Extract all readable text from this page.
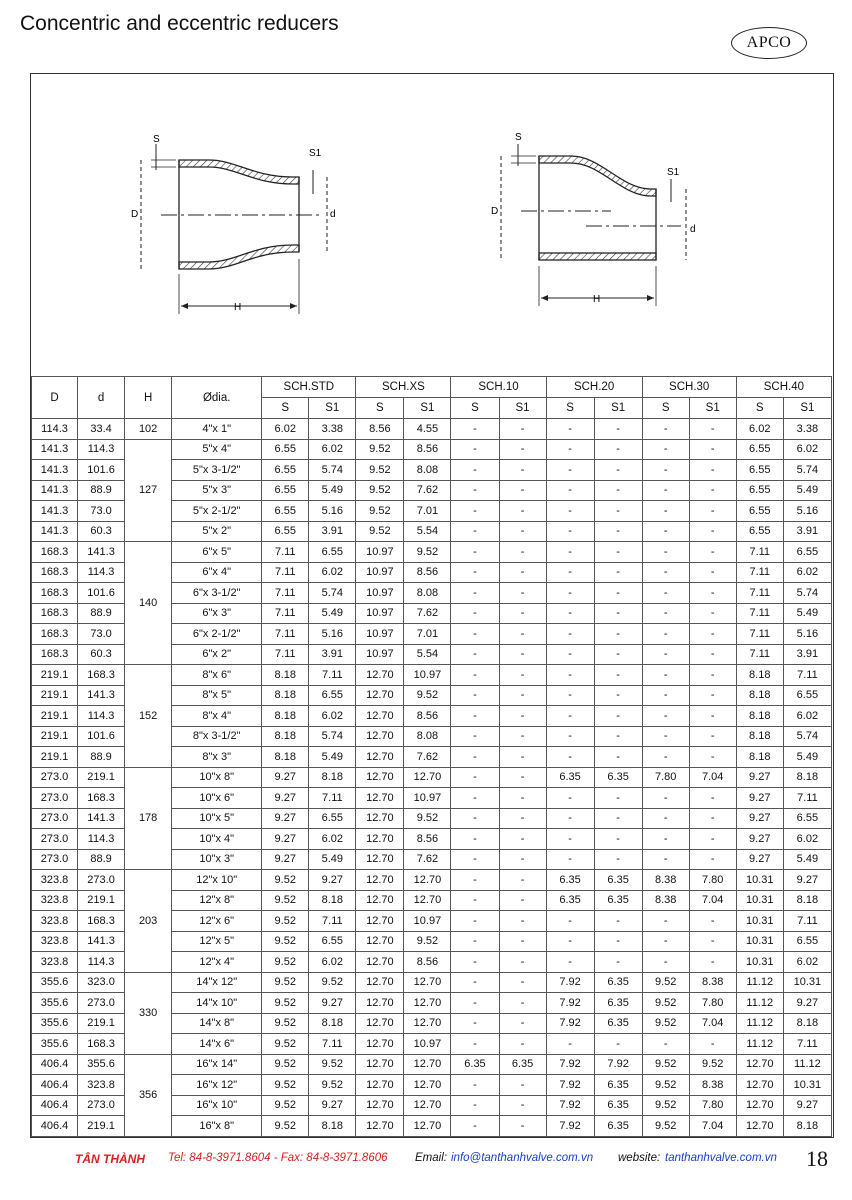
Concentric and eccentric reducers
APCO
S
S1
D	d
H
S
S1
D
d
H
D	d	H	Ødia.	SCH.STD		SCH.XS		SCH.10		SCH.20		SCH.30		SCH.40	
				S	S1	S	S1	S	S1	S	S1	S	S1	S	S1
114.3	33.4	102	4"x 1"	6.02	3.38	8.56	4.55	-	-	-	-	-	-	6.02	3.38
141.3	114.3	127	5"x 4"	6.55	6.02	9.52	8.56	-	-	-	-	-	-	6.55	6.02
141.3	101.6		5"x 3-1/2"	6.55	5.74	9.52	8.08	-	-	-	-	-	-	6.55	5.74
141.3	88.9		5"x 3"	6.55	5.49	9.52	7.62	-	-	-	-	-	-	6.55	5.49
141.3	73.0		5"x 2-1/2"	6.55	5.16	9.52	7.01	-	-	-	-	-	-	6.55	5.16
141.3	60.3		5"x 2"	6.55	3.91	9.52	5.54	-	-	-	-	-	-	6.55	3.91
168.3	141.3	140	6"x 5"	7.11	6.55	10.97	9.52	-	-	-	-	-	-	7.11	6.55
168.3	114.3		6"x 4"	7.11	6.02	10.97	8.56	-	-	-	-	-	-	7.11	6.02
168.3	101.6		6"x 3-1/2"	7.11	5.74	10.97	8.08	-	-	-	-	-	-	7.11	5.74
168.3	88.9		6"x 3"	7.11	5.49	10.97	7.62	-	-	-	-	-	-	7.11	5.49
168.3	73.0		6"x 2-1/2"	7.11	5.16	10.97	7.01	-	-	-	-	-	-	7.11	5.16
168.3	60.3		6"x 2"	7.11	3.91	10.97	5.54	-	-	-	-	-	-	7.11	3.91
219.1	168.3	152	8"x 6"	8.18	7.11	12.70	10.97	-	-	-	-	-	-	8.18	7.11
219.1	141.3		8"x 5"	8.18	6.55	12.70	9.52	-	-	-	-	-	-	8.18	6.55
219.1	114.3		8"x 4"	8.18	6.02	12.70	8.56	-	-	-	-	-	-	8.18	6.02
219.1	101.6		8"x 3-1/2"	8.18	5.74	12.70	8.08	-	-	-	-	-	-	8.18	5.74
219.1	88.9		8"x 3"	8.18	5.49	12.70	7.62	-	-	-	-	-	-	8.18	5.49
273.0	219.1	178	10"x 8"	9.27	8.18	12.70	12.70	-	-	6.35	6.35	7.80	7.04	9.27	8.18
273.0	168.3		10"x 6"	9.27	7.11	12.70	10.97	-	-	-	-	-	-	9.27	7.11
273.0	141.3		10"x 5"	9.27	6.55	12.70	9.52	-	-	-	-	-	-	9.27	6.55
273.0	114.3		10"x 4"	9.27	6.02	12.70	8.56	-	-	-	-	-	-	9.27	6.02
273.0	88.9		10"x 3"	9.27	5.49	12.70	7.62	-	-	-	-	-	-	9.27	5.49
323.8	273.0	203	12"x 10"	9.52	9.27	12.70	12.70	-	-	6.35	6.35	8.38	7.80	10.31	9.27
323.8	219.1		12"x 8"	9.52	8.18	12.70	12.70	-	-	6.35	6.35	8.38	7.04	10.31	8.18
323.8	168.3		12"x 6"	9.52	7.11	12.70	10.97	-	-	-	-	-	-	10.31	7.11
323.8	141.3		12"x 5"	9.52	6.55	12.70	9.52	-	-	-	-	-	-	10.31	6.55
323.8	114.3		12"x 4"	9.52	6.02	12.70	8.56	-	-	-	-	-	-	10.31	6.02
355.6	323.0	330	14"x 12"	9.52	9.52	12.70	12.70	-	-	7.92	6.35	9.52	8.38	11.12	10.31
355.6	273.0		14"x 10"	9.52	9.27	12.70	12.70	-	-	7.92	6.35	9.52	7.80	11.12	9.27
355.6	219.1		14"x 8"	9.52	8.18	12.70	12.70	-	-	7.92	6.35	9.52	7.04	11.12	8.18
355.6	168.3		14"x 6"	9.52	7.11	12.70	10.97	-	-	-	-	-	-	11.12	7.11
406.4	355.6	356	16"x 14"	9.52	9.52	12.70	12.70	6.35	6.35	7.92	7.92	9.52	9.52	12.70	11.12
406.4	323.8		16"x 12"	9.52	9.52	12.70	12.70	-	-	7.92	6.35	9.52	8.38	12.70	10.31
406.4	273.0		16"x 10"	9.52	9.27	12.70	12.70	-	-	7.92	6.35	9.52	7.80	12.70	9.27
406.4	219.1		16"x 8"	9.52	8.18	12.70	12.70	-	-	7.92	6.35	9.52	7.04	12.70	8.18
TÂN THÀNH Tel: 84-8-3971.8604 - Fax: 84-8-3971.8606 Email: info@tanthanhvalve.com.vn website: tanthanhvalve.com.vn 18
